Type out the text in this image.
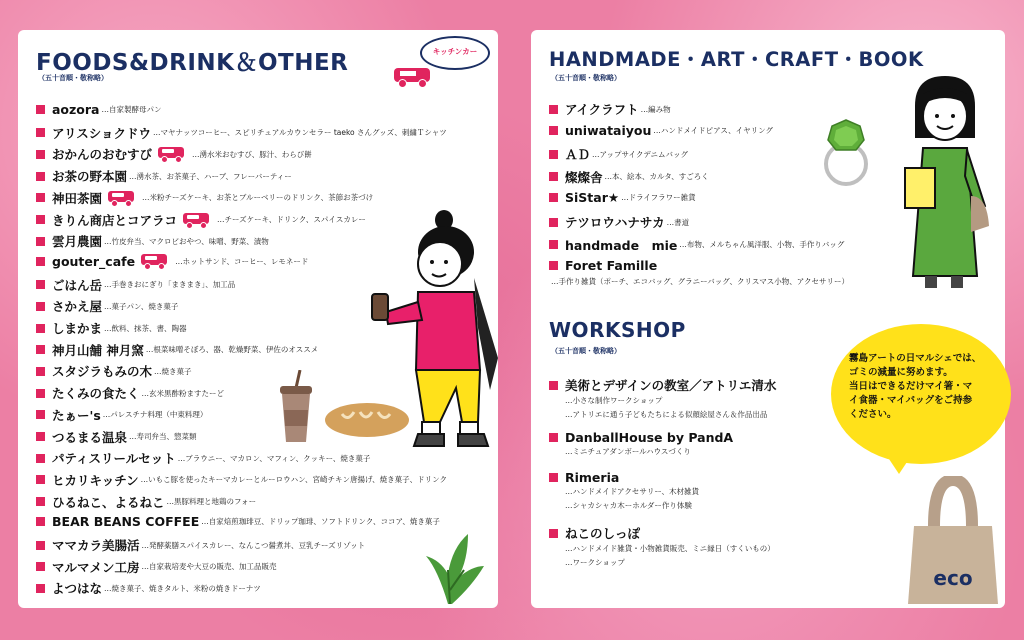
FOODS&DRINK＆OTHER
（五十音順・敬称略）
キッチンカー
aozora …自家製酵母パン
アリスショクドウ …マヤナッツコーヒー、スピリチュアルカウンセラー taeko さんグッズ、刺繍Ｔシャツ
おかんのおむすび	…湧水米おむすび、豚汁、わらび餅
お茶の野本園 …湧水茶、お茶菓子、ハーブ、フレーバーティー
神田茶園	…米粉チーズケーキ、お茶とブルーベリーのドリンク、茶節お茶づけ
きりん商店とコアラコ	…チーズケーキ、ドリンク、スパイスカレー
雲月農園 …竹皮弁当、マクロビおやつ、味噌、野菜、漬物
gouter_cafe	…ホットサンド、コーヒー、レモネード
ごはん岳 …手巻きおにぎり「まきまき」、加工品
さかえ屋 …菓子パン、焼き菓子
しまかま …飲料、抹茶、書、陶器
神月山舗 神月窯 …根菜味噌そぼろ、器、乾燥野菜、伊佐のオススメ
スタジラもみの木 …焼き菓子
たくみの食たく …玄米黒酢粉ますたーど
たぁー's …パレスチナ料理（中東料理）
つるまる温泉 …寿司弁当、惣菜類
パティスリールセット …ブラウニー、マカロン、マフィン、クッキー、焼き菓子
ヒカリキッチン …いもこ豚を使ったキーマカレーとルーロウハン、宮崎チキン唐揚げ、焼き菓子、ドリンク
ひるねこ、よるねこ …黒豚料理と地鶏のフォー
BEAR BEANS COFFEE …自家焙煎珈琲豆、ドリップ珈琲、ソフトドリンク、ココア、焼き菓子
ママカラ美腸活 …発酵薬膳スパイスカレー、なんこつ醤煮丼、豆乳チーズリゾット
マルマメン工房 …自家栽培麦や大豆の販売、加工品販売
よつはな …焼き菓子、焼きタルト、米粉の焼きドーナツ
HANDMADE・ART・CRAFT・BOOK
（五十音順・敬称略）
アイクラフト …編み物
uniwataiyou …ハンドメイドピアス、イヤリング
ＡＤ …アップサイクデニムバッグ
燦燦舎 …本、絵本、カルタ、すごろく
SiStar★ …ドライフラワー雑貨
テツロウハナサカ …書道
handmade　mie …布物、メルちゃん風洋服、小物、手作りバッグ
Foret Famille
…手作り雑貨（ポーチ、エコバッグ、グラニーバッグ、クリスマス小物、アクセサリー）
WORKSHOP
（五十音順・敬称略）
美術とデザインの教室／アトリエ清水
…小さな制作ワークショップ
…アトリエに通う子どもたちによる似顔絵屋さん＆作品出品
DanballHouse by PandA
…ミニチュアダンボールハウスづくり
Rimeria
…ハンドメイドアクセサリー、木材雑貨
…シャカシャカ木ーホルダー作り体験
ねこのしっぽ
…ハンドメイド雑貨・小物雑貨販売、ミニ縁日（すくいもの）
…ワークショップ
霧島アートの日マルシェでは、
ゴミの減量に努めます。
当日はできるだけマイ箸・マ
イ食器・マイバッグをご持参
ください。
eco
